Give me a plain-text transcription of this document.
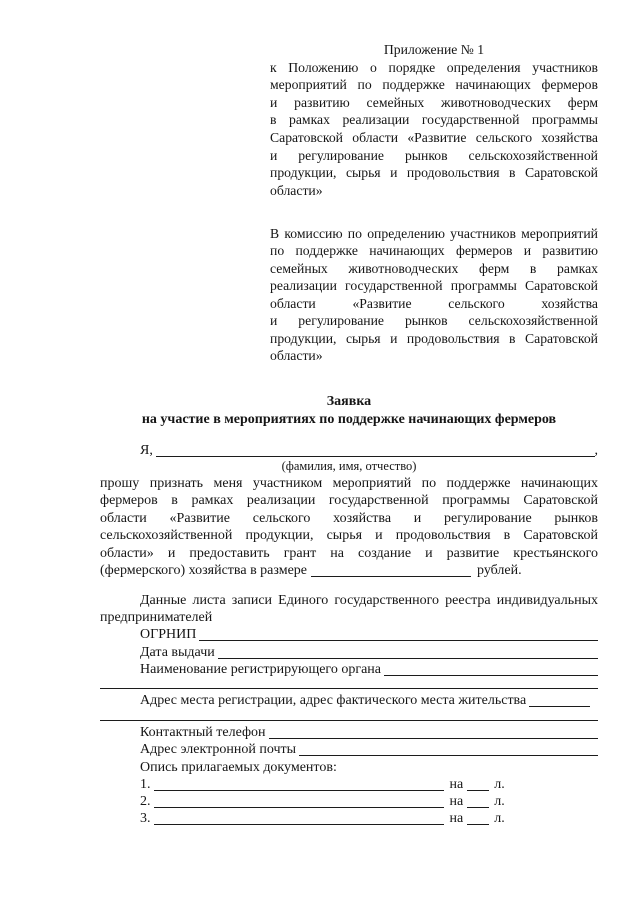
Приложение № 1
к Положению о порядке определения участников
мероприятий по поддержке начинающих фермеров
и развитию семейных животноводческих ферм
в рамках реализации государственной программы
Саратовской области «Развитие сельского хозяйства
и регулирование рынков сельскохозяйственной
продукции, сырья и продовольствия в Саратовской
области»
В комиссию по определению участников мероприятий
по поддержке начинающих фермеров и развитию
семейных животноводческих ферм в рамках
реализации государственной программы Саратовской
области «Развитие сельского хозяйства
и регулирование рынков сельскохозяйственной
продукции, сырья и продовольствия в Саратовской
области»
Заявка
на участие в мероприятиях по поддержке начинающих фермеров
Я,	,
(фамилия, имя, отчество)
прошу признать меня участником мероприятий по поддержке начинающих
фермеров в рамках реализации государственной программы Саратовской
области «Развитие сельского хозяйства и регулирование рынков
сельскохозяйственной продукции, сырья и продовольствия в Саратовской
области» и предоставить грант на создание и развитие крестьянского
(фермерского) хозяйства в размере	рублей.
Данные листа записи Единого государственного реестра индивидуальных
предпринимателей
ОГРНИП
Дата выдачи
Наименование регистрирующего органа
Адрес места регистрации, адрес фактического места жительства
Контактный телефон
Адрес электронной почты
Опись прилагаемых документов:
1.	на л.
2.	на л.
3.	на л.
